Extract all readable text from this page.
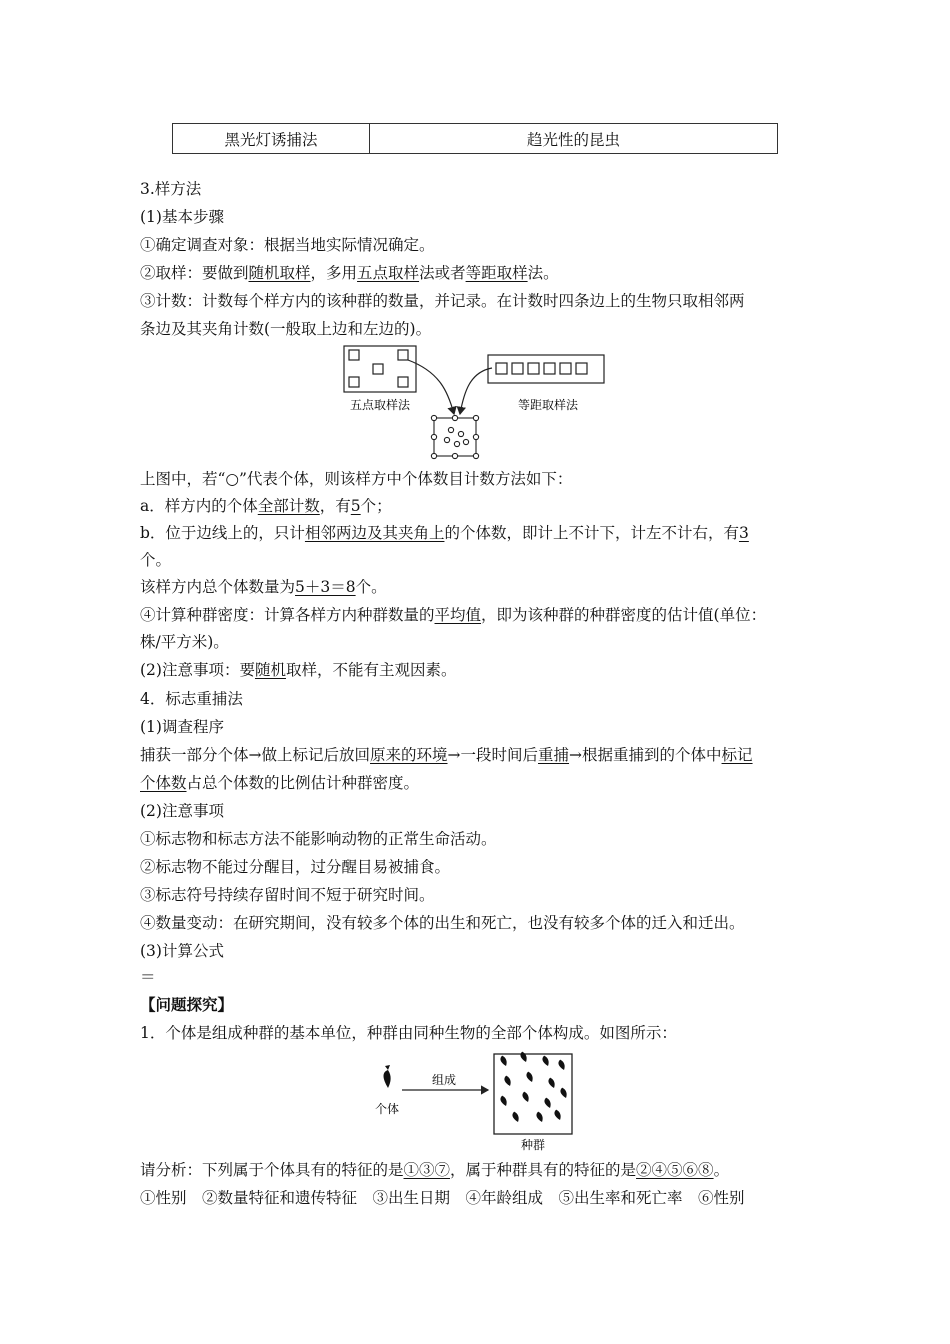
黑光灯诱捕法	趋光性的昆虫
3.样方法
(1)基本步骤
①确定调查对象：根据当地实际情况确定。
②取样：要做到随机取样，多用五点取样法或者等距取样法。
③计数：计数每个样方内的该种群的数量，并记录。在计数时四条边上的生物只取相邻两
条边及其夹角计数(一般取上边和左边的)。
五点取样法	等距取样法
上图中，若“○”代表个体，则该样方中个体数目计数方法如下：
a．样方内的个体全部计数，有5个；
b．位于边线上的，只计相邻两边及其夹角上的个体数，即计上不计下，计左不计右，有3
个。
该样方内总个体数量为5＋3＝8个。
④计算种群密度：计算各样方内种群数量的平均值，即为该种群的种群密度的估计值(单位：
株/平方米)。
(2)注意事项：要随机取样，不能有主观因素。
4．标志重捕法
(1)调查程序
捕获一部分个体→做上标记后放回原来的环境→一段时间后重捕→根据重捕到的个体中标记
个体数占总个体数的比例估计种群密度。
(2)注意事项
①标志物和标志方法不能影响动物的正常生命活动。
②标志物不能过分醒目，过分醒目易被捕食。
③标志符号持续存留时间不短于研究时间。
④数量变动：在研究期间，没有较多个体的出生和死亡，也没有较多个体的迁入和迁出。
(3)计算公式
＝
【问题探究】
1．个体是组成种群的基本单位，种群由同种生物的全部个体构成。如图所示：
个体
组成
种群
请分析：下列属于个体具有的特征的是①③⑦，属于种群具有的特征的是②④⑤⑥⑧。
①性别　②数量特征和遗传特征　③出生日期　④年龄组成　⑤出生率和死亡率　⑥性别
